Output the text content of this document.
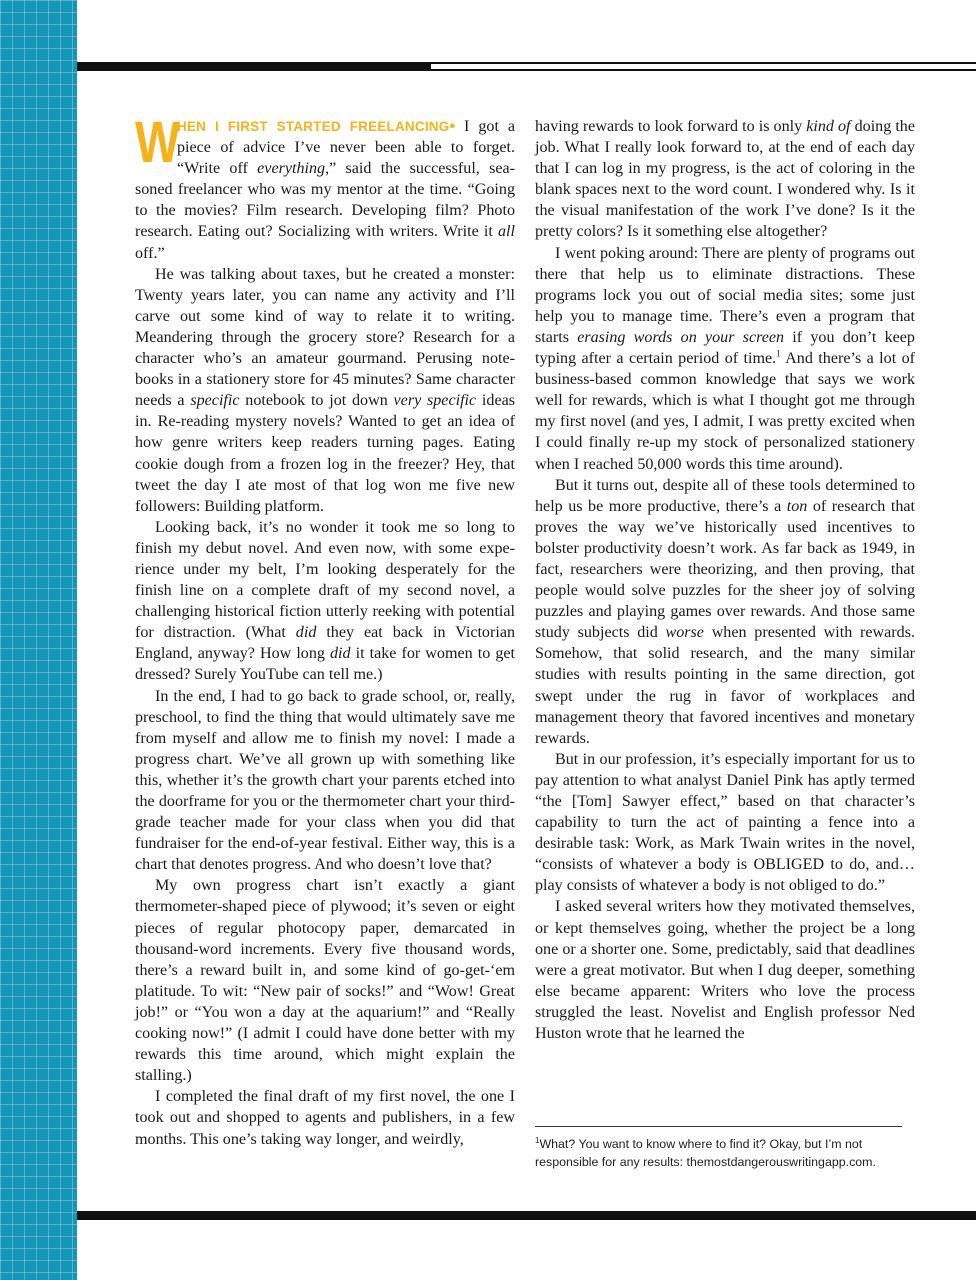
W
HEN I FIRST STARTED FREELANCING• I got a piece of advice I’ve never been able to forget. “Write off everything,” said the successful, seasoned freelancer who was my mentor at the time. “Going to the movies? Film research. Developing film? Photo research. Eating out? Socializing with writers. Write it all off.”

He was talking about taxes, but he created a monster: Twenty years later, you can name any activity and I’ll carve out some kind of way to relate it to writing. Meandering through the grocery store? Research for a character who’s an amateur gourmand. Perusing notebooks in a stationery store for 45 minutes? Same character needs a specific notebook to jot down very specific ideas in. Re-reading mystery novels? Wanted to get an idea of how genre writers keep readers turning pages. Eating cookie dough from a frozen log in the freezer? Hey, that tweet the day I ate most of that log won me five new followers: Building platform.

Looking back, it’s no wonder it took me so long to finish my debut novel. And even now, with some experience under my belt, I’m looking desperately for the finish line on a complete draft of my second novel, a challenging historical fiction utterly reeking with potential for distraction. (What did they eat back in Victorian England, anyway? How long did it take for women to get dressed? Surely YouTube can tell me.)

In the end, I had to go back to grade school, or, really, preschool, to find the thing that would ultimately save me from myself and allow me to finish my novel: I made a progress chart. We’ve all grown up with something like this, whether it’s the growth chart your parents etched into the doorframe for you or the thermometer chart your third-grade teacher made for your class when you did that fundraiser for the end-of-year festival. Either way, this is a chart that denotes progress. And who doesn’t love that?

My own progress chart isn’t exactly a giant thermometer-shaped piece of plywood; it’s seven or eight pieces of regular photocopy paper, demarcated in thousand-word increments. Every five thousand words, there’s a reward built in, and some kind of go-get-‘em platitude. To wit: “New pair of socks!” and “Wow! Great job!” or “You won a day at the aquarium!” and “Really cooking now!” (I admit I could have done better with my rewards this time around, which might explain the stalling.)

I completed the final draft of my first novel, the one I took out and shopped to agents and publishers, in a few months. This one’s taking way longer, and weirdly,

having rewards to look forward to is only kind of doing the job. What I really look forward to, at the end of each day that I can log in my progress, is the act of coloring in the blank spaces next to the word count. I wondered why. Is it the visual manifestation of the work I’ve done? Is it the pretty colors? Is it something else altogether?

I went poking around: There are plenty of programs out there that help us to eliminate distractions. These programs lock you out of social media sites; some just help you to manage time. There’s even a program that starts erasing words on your screen if you don’t keep typing after a certain period of time.$^1$ And there’s a lot of business-based common knowledge that says we work well for rewards, which is what I thought got me through my first novel (and yes, I admit, I was pretty excited when I could finally re-up my stock of personalized stationery when I reached 50,000 words this time around).

But it turns out, despite all of these tools determined to help us be more productive, there’s a ton of research that proves the way we’ve historically used incentives to bolster productivity doesn’t work. As far back as 1949, in fact, researchers were theorizing, and then proving, that people would solve puzzles for the sheer joy of solving puzzles and playing games over rewards. And those same study subjects did worse when presented with rewards. Somehow, that solid research, and the many similar studies with results pointing in the same direction, got swept under the rug in favor of workplaces and management theory that favored incentives and monetary rewards.

But in our profession, it’s especially important for us to pay attention to what analyst Daniel Pink has aptly termed “the [Tom] Sawyer effect,” based on that character’s capability to turn the act of painting a fence into a desirable task: Work, as Mark Twain writes in the novel, “consists of whatever a body is OBLIGED to do, and…play consists of whatever a body is not obliged to do.”

I asked several writers how they motivated themselves, or kept themselves going, whether the project be a long one or a shorter one. Some, predictably, said that deadlines were a great motivator. But when I dug deeper, something else became apparent: Writers who love the process struggled the least. Novelist and English professor Ned Huston wrote that he learned the

$^1$What? You want to know where to find it? Okay, but I’m not responsible for any results: themostdangerouswritingapp.com.
